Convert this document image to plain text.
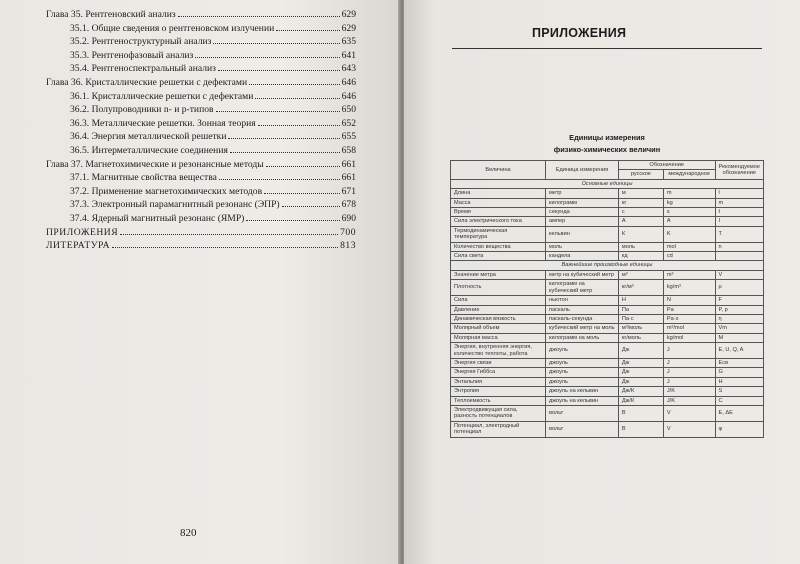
Глава 35. Рентгеновский анализ	629
35.1. Общие сведения о рентгеновском излучении	629
35.2. Рентгеноструктурный анализ	635
35.3. Рентгенофазовый анализ	641
35.4. Рентгеноспектральный анализ	643
Глава 36. Кристаллические решетки с дефектами	646
36.1. Кристаллические решетки с дефектами	646
36.2. Полупроводники n- и p-типов	650
36.3. Металлические решетки. Зонная теория	652
36.4. Энергия металлической решетки	655
36.5. Интерметаллические соединения	658
Глава 37. Магнетохимические и резонансные методы	661
37.1. Магнитные свойства вещества	661
37.2. Применение магнетохимических методов	671
37.3. Электронный парамагнитный резонанс (ЭПР)	678
37.4. Ядерный магнитный резонанс (ЯМР)	690
ПРИЛОЖЕНИЯ	700
ЛИТЕРАТУРА	813
820
ПРИЛОЖЕНИЯ
Единицы измерения
физико-химических величин
Величина	Единица измерения	Обозначение		Рекомендуемое обозначение
		русское	международное	
Основные единицы				
Длина	метр	м	m	l
Масса	килограмм	кг	kg	m
Время	секунда	с	s	t
Сила электрического тока	ампер	А	A	I
Термодинамическая температура	кельвин	К	K	T
Количество вещества	моль	моль	mol	n
Сила света	кандела	кд	cd	
Важнейшие производные единицы				
Значение метра	метр на кубический метр	м³	m³	V
Плотность	килограмм на кубический метр	кг/м³	kg/m³	ρ
Сила	ньютон	Н	N	F
Давление	паскаль	Па	Pa	P, p
Динамическая вязкость	паскаль-секунда	Па·с	Pa·s	η
Молярный объем	кубический метр на моль	м³/моль	m³/mol	Vm
Молярная масса	килограмм на моль	кг/моль	kg/mol	M
Энергия, внутренняя энергия, количество теплоты, работа	джоуль	Дж	J	E, U, Q, A
Энергия связи	джоуль	Дж	J	Eсв
Энергия Гиббса	джоуль	Дж	J	G
Энтальпия	джоуль	Дж	J	H
Энтропия	джоуль на кельвин	Дж/К	J/K	S
Теплоемкость	джоуль на кельвин	Дж/К	J/K	C
Электродвижущая сила, разность потенциалов	вольт	В	V	E, ΔE
Потенциал, электродный потенциал	вольт	В	V	φ
